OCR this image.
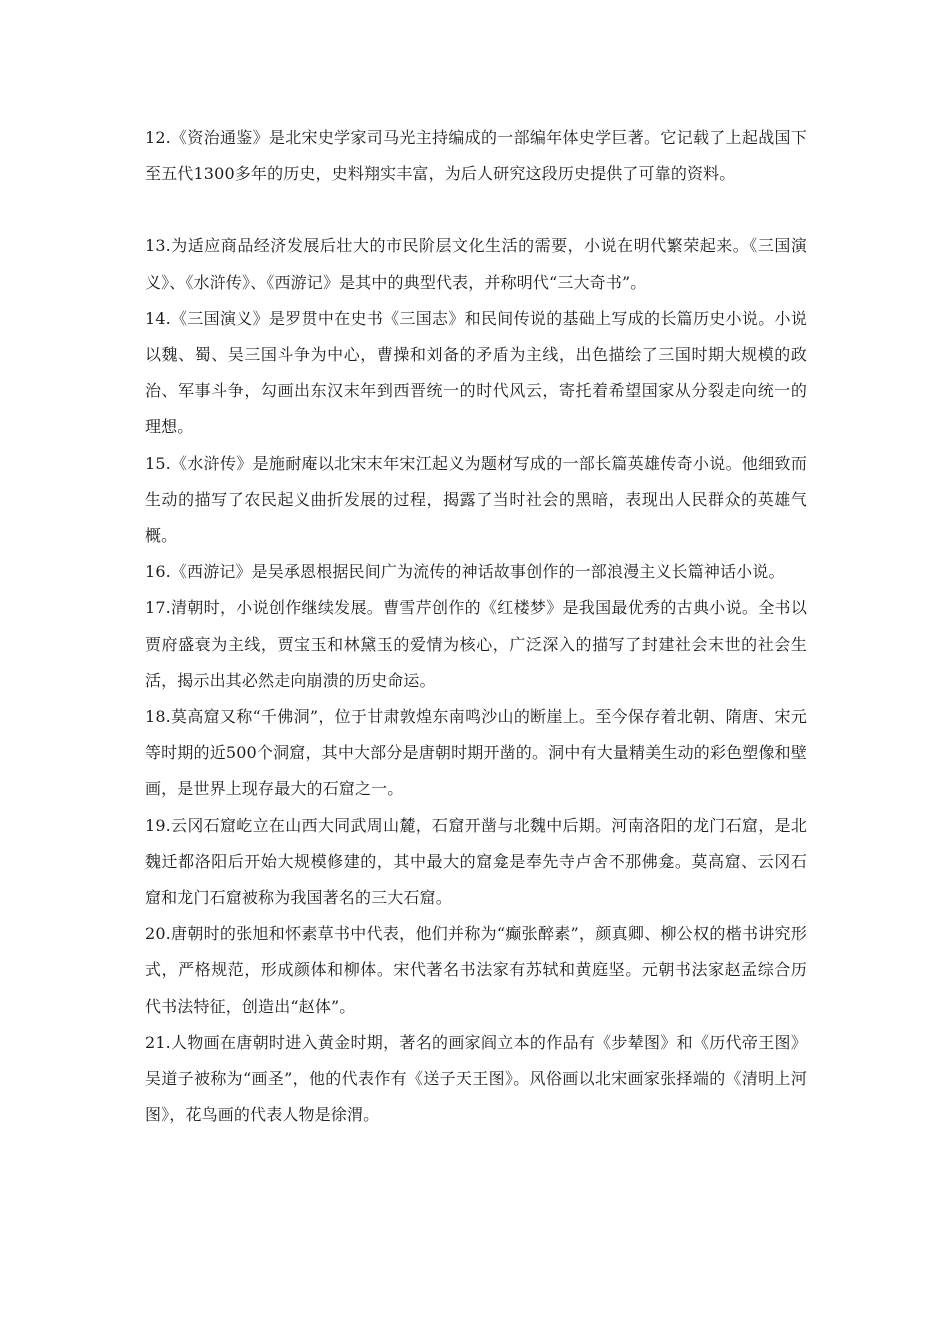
12.《资治通鉴》是北宋史学家司马光主持编成的一部编年体史学巨著。它记载了上起战国下至五代1300多年的历史，史料翔实丰富，为后人研究这段历史提供了可靠的资料。

13.为适应商品经济发展后壮大的市民阶层文化生活的需要，小说在明代繁荣起来。《三国演义》、《水浒传》、《西游记》是其中的典型代表，并称明代“三大奇书”。

14.《三国演义》是罗贯中在史书《三国志》和民间传说的基础上写成的长篇历史小说。小说以魏、蜀、吴三国斗争为中心，曹操和刘备的矛盾为主线，出色描绘了三国时期大规模的政治、军事斗争，勾画出东汉末年到西晋统一的时代风云，寄托着希望国家从分裂走向统一的理想。

15.《水浒传》是施耐庵以北宋末年宋江起义为题材写成的一部长篇英雄传奇小说。他细致而生动的描写了农民起义曲折发展的过程，揭露了当时社会的黑暗，表现出人民群众的英雄气概。

16.《西游记》是吴承恩根据民间广为流传的神话故事创作的一部浪漫主义长篇神话小说。

17.清朝时，小说创作继续发展。曹雪芹创作的《红楼梦》是我国最优秀的古典小说。全书以贾府盛衰为主线，贾宝玉和林黛玉的爱情为核心，广泛深入的描写了封建社会末世的社会生活，揭示出其必然走向崩溃的历史命运。

18.莫高窟又称“千佛洞”，位于甘肃敦煌东南鸣沙山的断崖上。至今保存着北朝、隋唐、宋元等时期的近500个洞窟，其中大部分是唐朝时期开凿的。洞中有大量精美生动的彩色塑像和壁画，是世界上现存最大的石窟之一。

19.云冈石窟屹立在山西大同武周山麓，石窟开凿与北魏中后期。河南洛阳的龙门石窟，是北魏迁都洛阳后开始大规模修建的，其中最大的窟龛是奉先寺卢舍不那佛龛。莫高窟、云冈石窟和龙门石窟被称为我国著名的三大石窟。

20.唐朝时的张旭和怀素草书中代表，他们并称为“癫张醉素”，颜真卿、柳公权的楷书讲究形式，严格规范，形成颜体和柳体。宋代著名书法家有苏轼和黄庭坚。元朝书法家赵孟综合历代书法特征，创造出“赵体”。

21.人物画在唐朝时进入黄金时期，著名的画家阎立本的作品有《步辇图》和《历代帝王图》吴道子被称为“画圣”，他的代表作有《送子天王图》。风俗画以北宋画家张择端的《清明上河图》，花鸟画的代表人物是徐渭。
